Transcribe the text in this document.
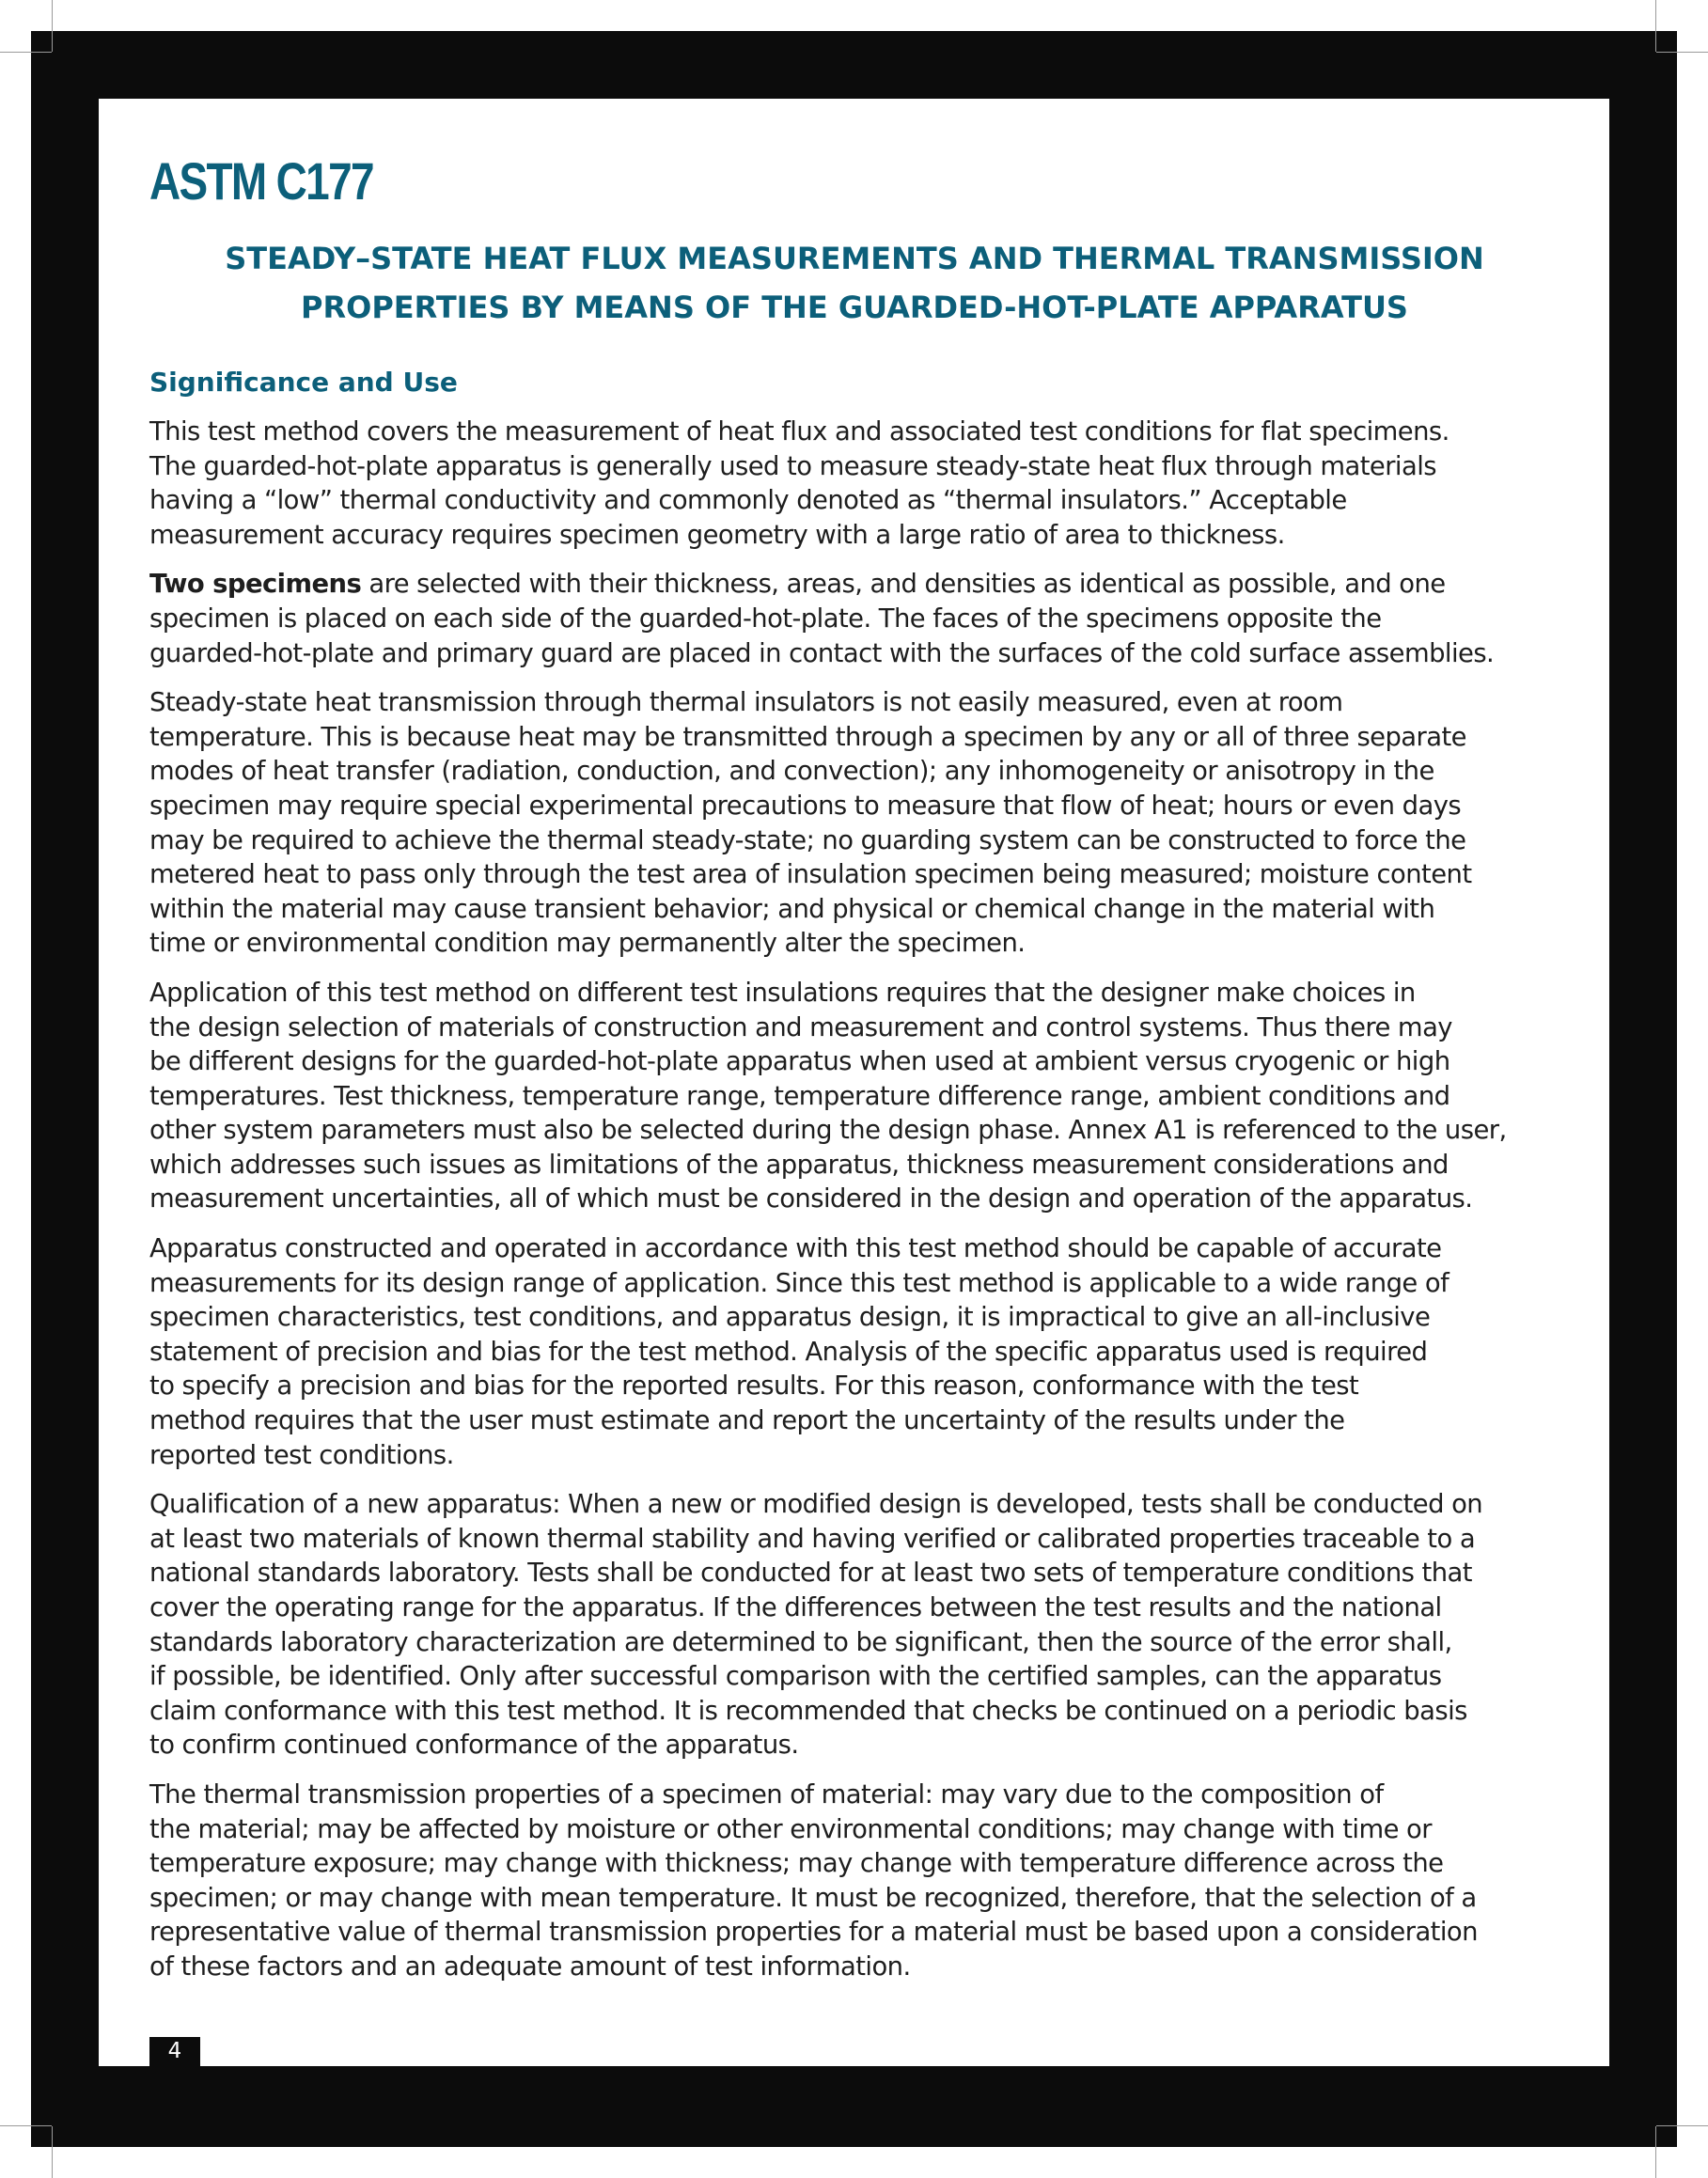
ASTM C177
STEADY–STATE HEAT FLUX MEASUREMENTS AND THERMAL TRANSMISSION
PROPERTIES BY MEANS OF THE GUARDED-HOT-PLATE APPARATUS
Significance and Use

This test method covers the measurement of heat flux and associated test conditions for flat specimens.
The guarded-hot-plate apparatus is generally used to measure steady-state heat flux through materials
having a “low” thermal conductivity and commonly denoted as “thermal insulators.” Acceptable
measurement accuracy requires specimen geometry with a large ratio of area to thickness.

Two specimens are selected with their thickness, areas, and densities as identical as possible, and one
specimen is placed on each side of the guarded-hot-plate. The faces of the specimens opposite the
guarded-hot-plate and primary guard are placed in contact with the surfaces of the cold surface assemblies.

Steady-state heat transmission through thermal insulators is not easily measured, even at room
temperature. This is because heat may be transmitted through a specimen by any or all of three separate
modes of heat transfer (radiation, conduction, and convection); any inhomogeneity or anisotropy in the
specimen may require special experimental precautions to measure that flow of heat; hours or even days
may be required to achieve the thermal steady-state; no guarding system can be constructed to force the
metered heat to pass only through the test area of insulation specimen being measured; moisture content
within the material may cause transient behavior; and physical or chemical change in the material with
time or environmental condition may permanently alter the specimen.

Application of this test method on different test insulations requires that the designer make choices in
the design selection of materials of construction and measurement and control systems. Thus there may
be different designs for the guarded-hot-plate apparatus when used at ambient versus cryogenic or high
temperatures. Test thickness, temperature range, temperature difference range, ambient conditions and
other system parameters must also be selected during the design phase. Annex A1 is referenced to the user,
which addresses such issues as limitations of the apparatus, thickness measurement considerations and
measurement uncertainties, all of which must be considered in the design and operation of the apparatus.

Apparatus constructed and operated in accordance with this test method should be capable of accurate
measurements for its design range of application. Since this test method is applicable to a wide range of
specimen characteristics, test conditions, and apparatus design, it is impractical to give an all-inclusive
statement of precision and bias for the test method. Analysis of the specific apparatus used is required
to specify a precision and bias for the reported results. For this reason, conformance with the test
method requires that the user must estimate and report the uncertainty of the results under the
reported test conditions.

Qualification of a new apparatus: When a new or modified design is developed, tests shall be conducted on
at least two materials of known thermal stability and having verified or calibrated properties traceable to a
national standards laboratory. Tests shall be conducted for at least two sets of temperature conditions that
cover the operating range for the apparatus. If the differences between the test results and the national
standards laboratory characterization are determined to be significant, then the source of the error shall,
if possible, be identified. Only after successful comparison with the certified samples, can the apparatus
claim conformance with this test method. It is recommended that checks be continued on a periodic basis
to confirm continued conformance of the apparatus.

The thermal transmission properties of a specimen of material: may vary due to the composition of
the material; may be affected by moisture or other environmental conditions; may change with time or
temperature exposure; may change with thickness; may change with temperature difference across the
specimen; or may change with mean temperature. It must be recognized, therefore, that the selection of a
representative value of thermal transmission properties for a material must be based upon a consideration
of these factors and an adequate amount of test information.

4
